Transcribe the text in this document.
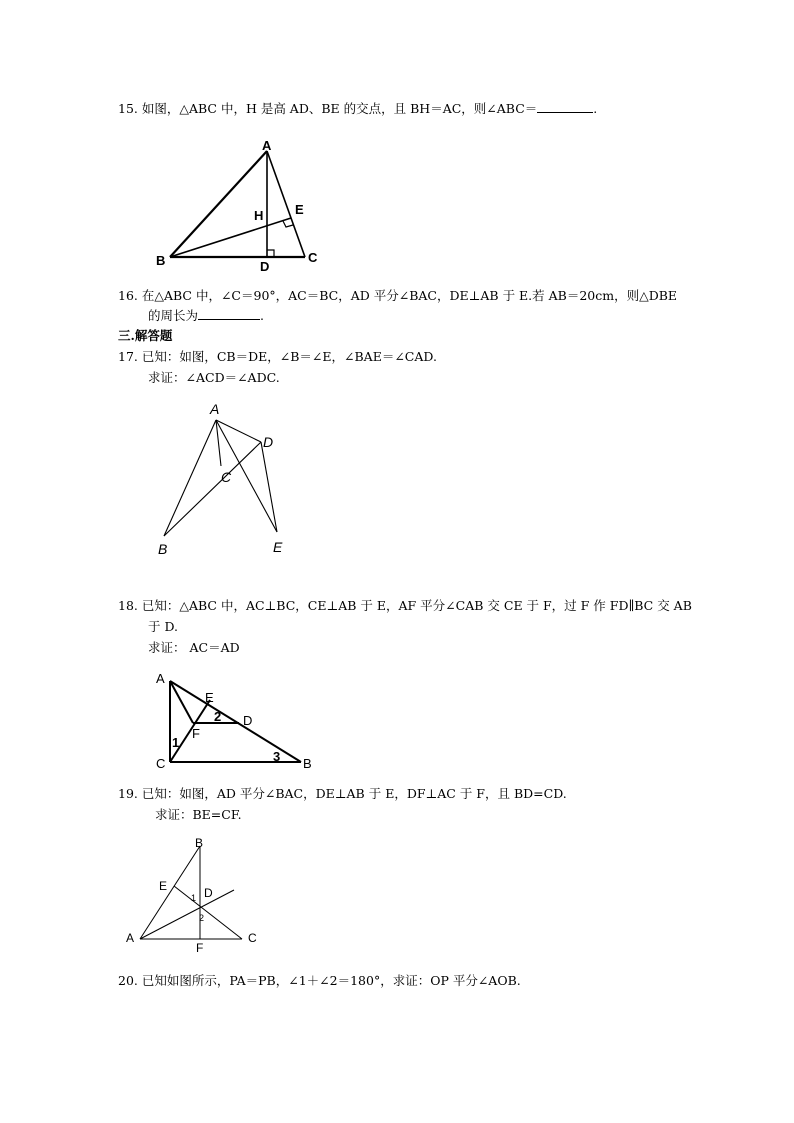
15. 如图，△ABC 中，H 是高 AD、BE 的交点，且 BH＝AC，则∠ABC＝	.
A
B	C
D
E
H
16. 在△ABC 中，∠C＝90°，AC＝BC，AD 平分∠BAC，DE⊥AB 于 E.若 AB＝20cm，则△DBE
的周长为	.
三.解答题
17. 已知：如图，CB＝DE，∠B＝∠E，∠BAE＝∠CAD.
求证：∠ACD＝∠ADC.
A
B
C
D
E
18. 已知：△ABC 中，AC⊥BC，CE⊥AB 于 E，AF 平分∠CAB 交 CE 于 F，过 F 作 FD∥BC 交 AB
于 D.
求证： AC＝AD
A
B
C
D
E
F
1
2
3
19. 已知：如图，AD 平分∠BAC，DE⊥AB 于 E，DF⊥AC 于 F，且 BD=CD.
求证：BE=CF.
B
A	C
E	D
F
1
2
20. 已知如图所示，PA＝PB，∠1＋∠2＝180°，求证：OP 平分∠AOB.
